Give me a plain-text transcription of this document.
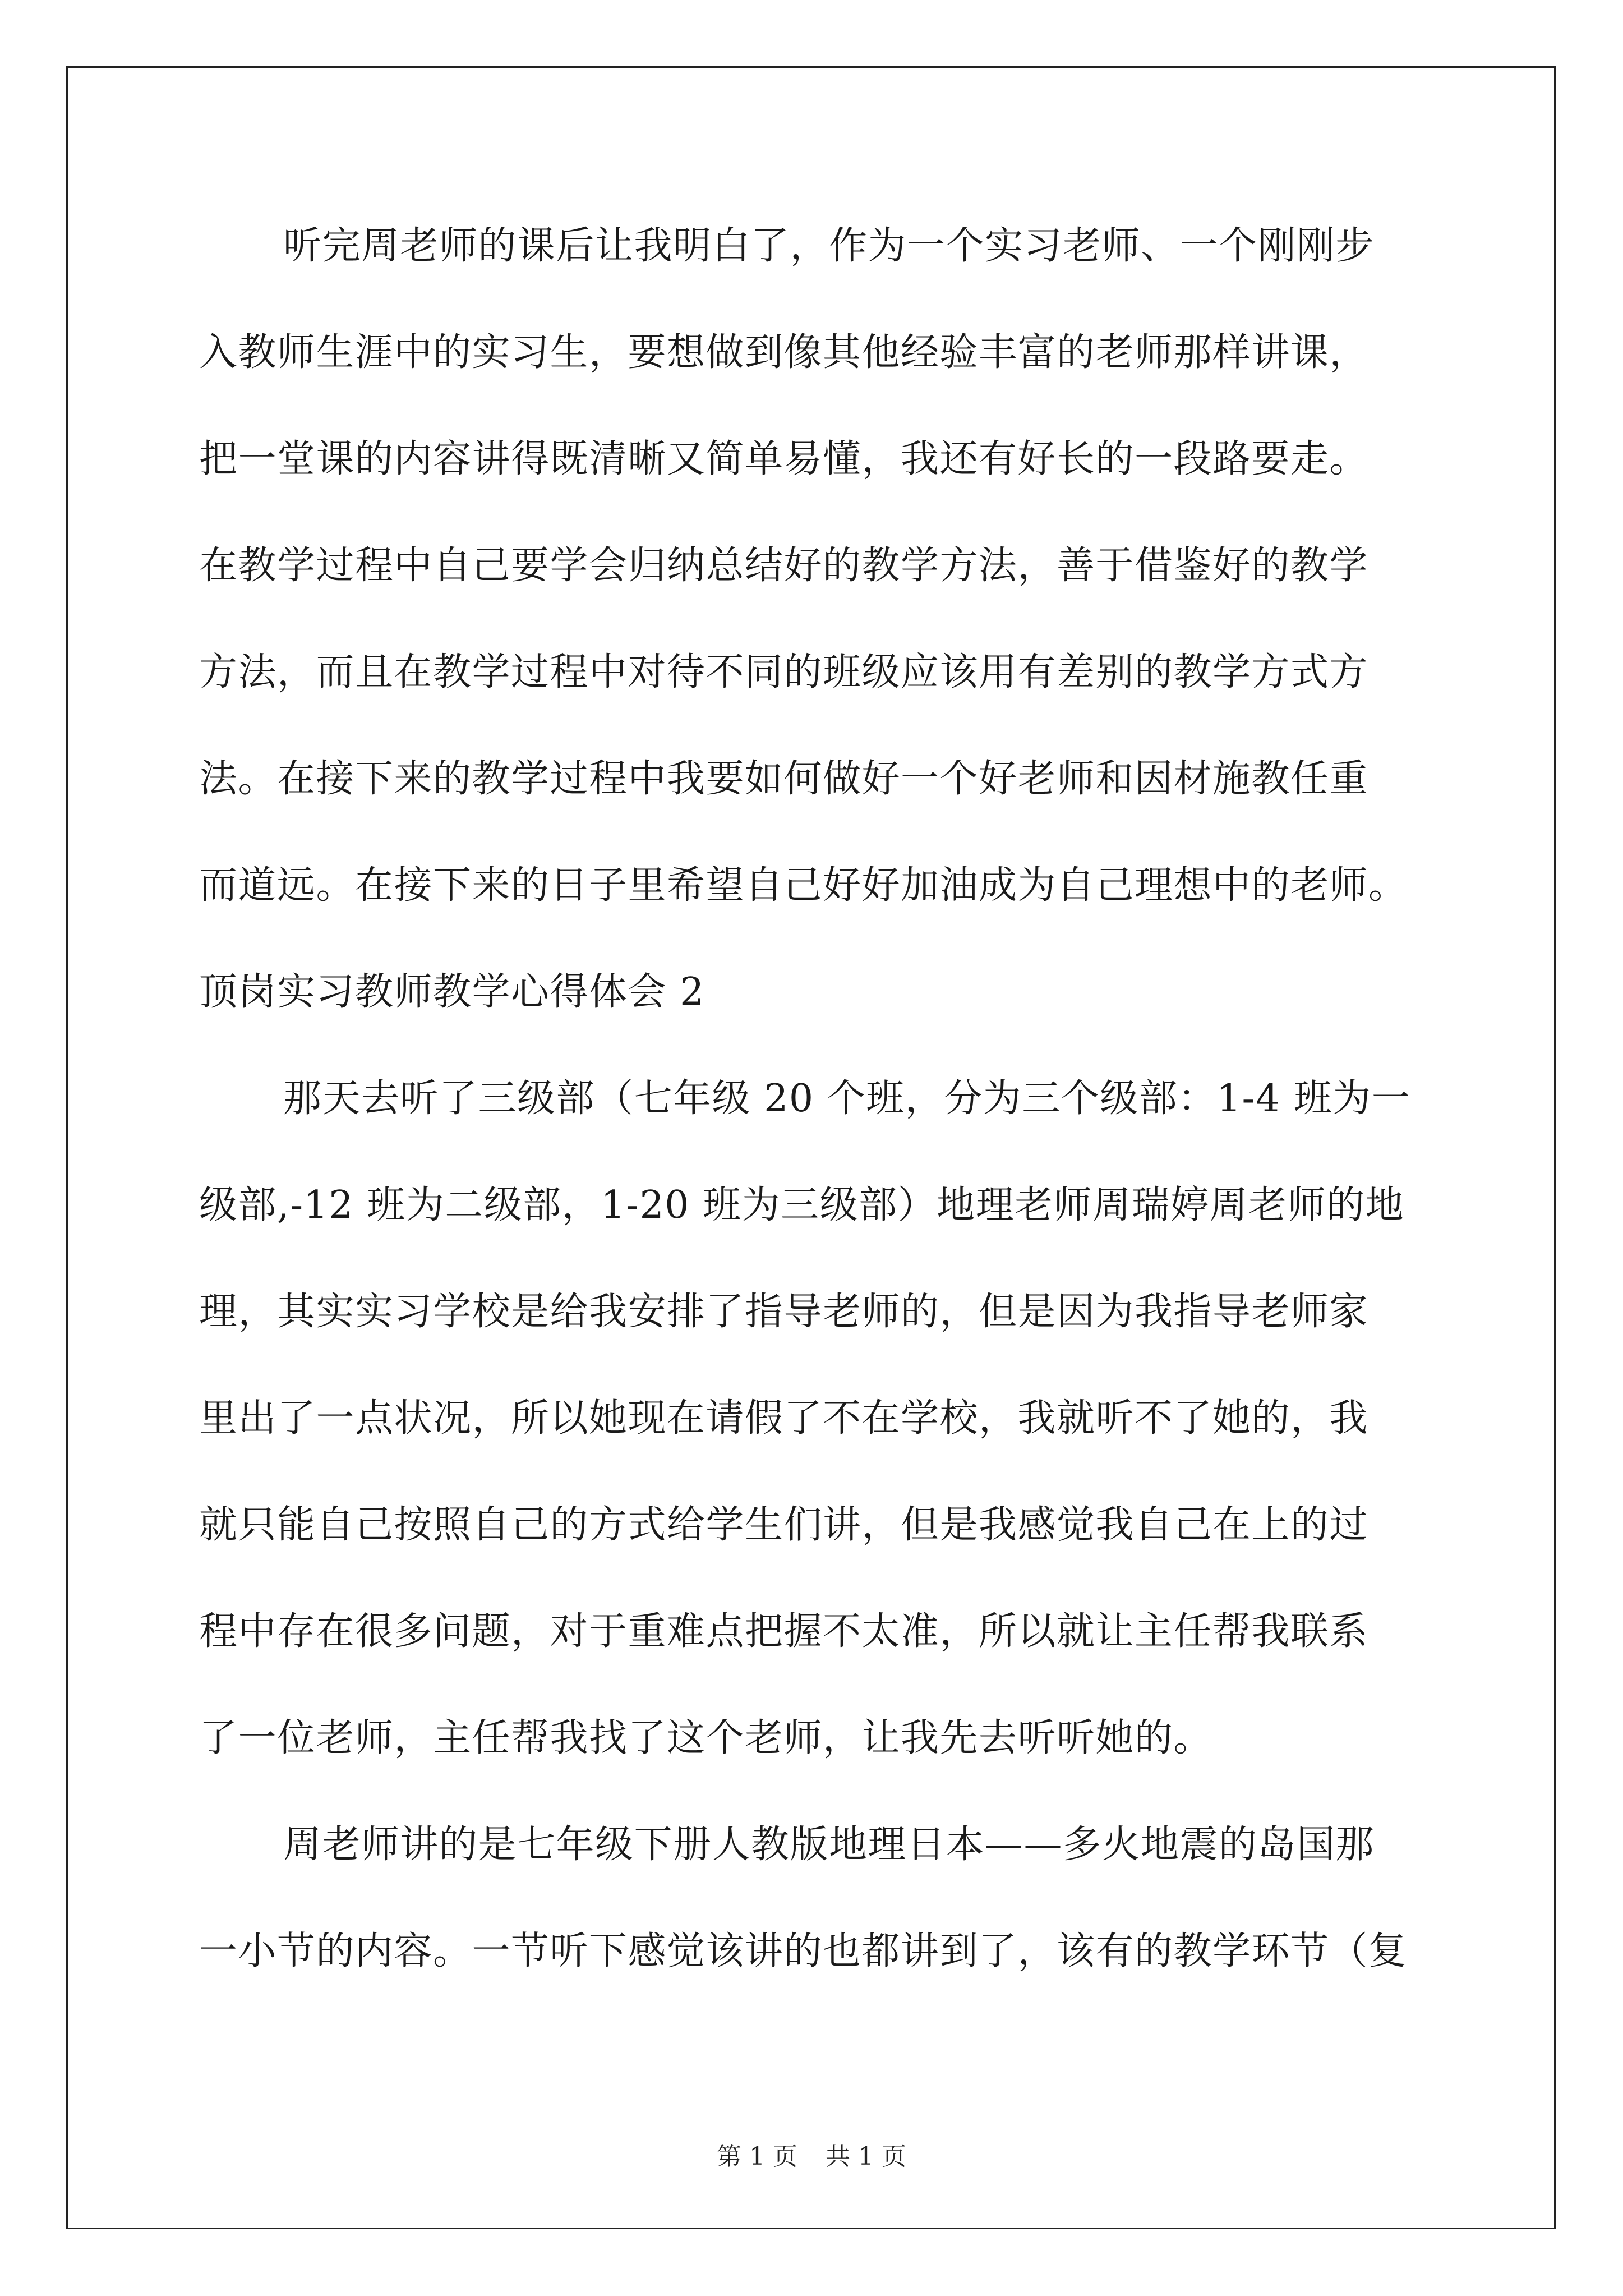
听完周老师的课后让我明白了，作为一个实习老师、一个刚刚步
入教师生涯中的实习生，要想做到像其他经验丰富的老师那样讲课，
把一堂课的内容讲得既清晰又简单易懂，我还有好长的一段路要走。
在教学过程中自己要学会归纳总结好的教学方法，善于借鉴好的教学
方法，而且在教学过程中对待不同的班级应该用有差别的教学方式方
法。在接下来的教学过程中我要如何做好一个好老师和因材施教任重
而道远。在接下来的日子里希望自己好好加油成为自己理想中的老师。
顶岗实习教师教学心得体会 2
那天去听了三级部（七年级 20 个班，分为三个级部：1-4 班为一
级部,-12 班为二级部，1-20 班为三级部）地理老师周瑞婷周老师的地
理，其实实习学校是给我安排了指导老师的，但是因为我指导老师家
里出了一点状况，所以她现在请假了不在学校，我就听不了她的，我
就只能自己按照自己的方式给学生们讲，但是我感觉我自己在上的过
程中存在很多问题，对于重难点把握不太准，所以就让主任帮我联系
了一位老师，主任帮我找了这个老师，让我先去听听她的。
周老师讲的是七年级下册人教版地理日本——多火地震的岛国那
一小节的内容。一节听下感觉该讲的也都讲到了，该有的教学环节（复
第 1 页 共 1 页
